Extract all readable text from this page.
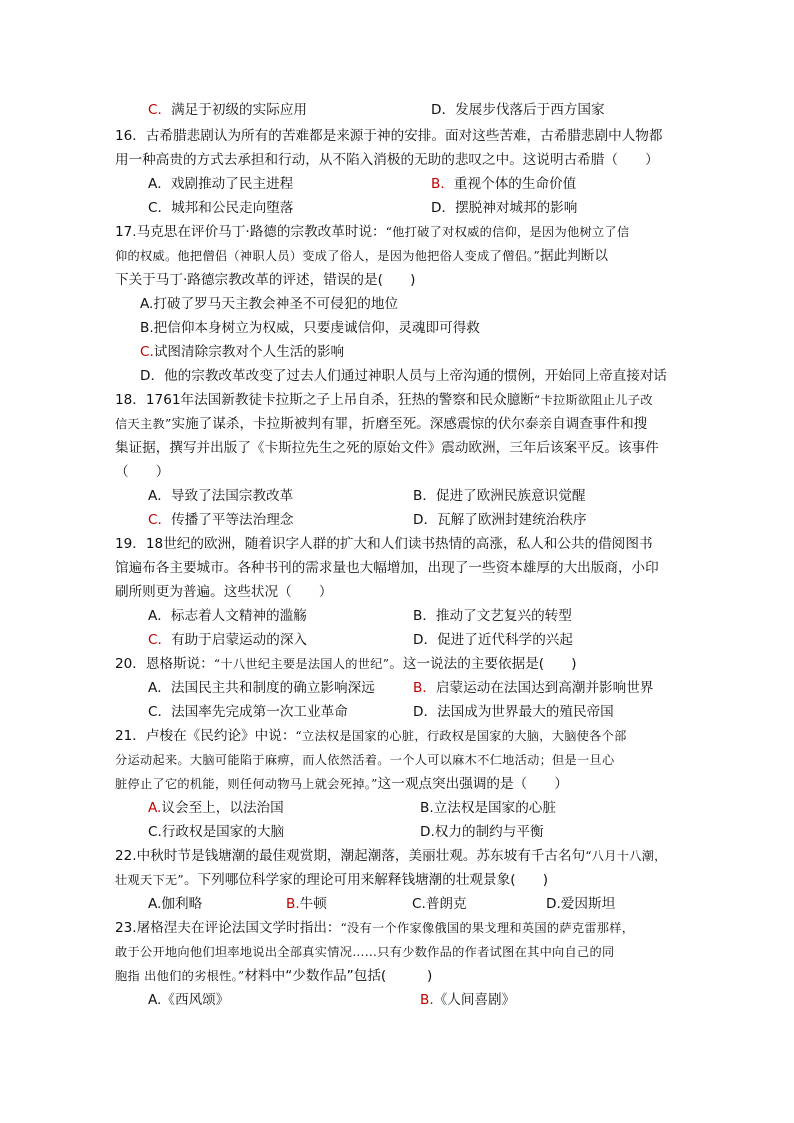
C．满足于初级的实际应用	D．发展步伐落后于西方国家
16．古希腊悲剧认为所有的苦难都是来源于神的安排。面对这些苦难，古希腊悲剧中人物都
用一种高贵的方式去承担和行动，从不陷入消极的无助的悲叹之中。这说明古希腊（　　）
A．戏剧推动了民主进程	B．重视个体的生命价值
C．城邦和公民走向堕落	D．摆脱神对城邦的影响
17.马克思在评价马丁·路德的宗教改革时说：“他打破了对权威的信仰，是因为他树立了信
仰的权威。他把僧侣（神职人员）变成了俗人，是因为他把俗人变成了僧侣。”据此判断以
下关于马丁·路德宗教改革的评述，错误的是(　　)
A.打破了罗马天主教会神圣不可侵犯的地位
B.把信仰本身树立为权威，只要虔诚信仰，灵魂即可得救
C.试图清除宗教对个人生活的影响
D．他的宗教改革改变了过去人们通过神职人员与上帝沟通的惯例，开始同上帝直接对话
18．1761年法国新教徒卡拉斯之子上吊自杀，狂热的警察和民众臆断“卡拉斯欲阻止儿子改
信天主教”实施了谋杀，卡拉斯被判有罪，折磨至死。深感震惊的伏尔泰亲自调查事件和搜
集证据，撰写并出版了《卡斯拉先生之死的原始文件》震动欧洲，三年后该案平反。该事件
（　　）
A．导致了法国宗教改革	B．促进了欧洲民族意识觉醒
C．传播了平等法治理念	D．瓦解了欧洲封建统治秩序
19．18世纪的欧洲，随着识字人群的扩大和人们读书热情的高涨，私人和公共的借阅图书
馆遍布各主要城市。各种书刊的需求量也大幅增加，出现了一些资本雄厚的大出版商，小印
刷所则更为普遍。这些状况（　　）
A．标志着人文精神的滥觞	B．推动了文艺复兴的转型
C．有助于启蒙运动的深入	D．促进了近代科学的兴起
20．恩格斯说：“十八世纪主要是法国人的世纪”。这一说法的主要依据是(　　)
A．法国民主共和制度的确立影响深远	B．启蒙运动在法国达到高潮并影响世界
C．法国率先完成第一次工业革命	D．法国成为世界最大的殖民帝国
21．卢梭在《民约论》中说：“立法权是国家的心脏，行政权是国家的大脑，大脑使各个部
分运动起来。大脑可能陷于麻痹，而人依然活着。一个人可以麻木不仁地活动；但是一旦心
脏停止了它的机能，则任何动物马上就会死掉。”这一观点突出强调的是（　　）
A.议会至上，以法治国	B.立法权是国家的心脏
C.行政权是国家的大脑	D.权力的制约与平衡
22.中秋时节是钱塘潮的最佳观赏期，潮起潮落，美丽壮观。苏东坡有千古名句“八月十八潮，
壮观天下无”。下列哪位科学家的理论可用来解释钱塘潮的壮观景象(　　)
A.伽利略	B.牛顿	C.普朗克	D.爱因斯坦
23.屠格涅夫在评论法国文学时指出：“没有一个作家像俄国的果戈理和英国的萨克雷那样，
敢于公开地向他们坦率地说出全部真实情况……只有少数作品的作者试图在其中向自己的同
胞指 出他们的劣根性。”材料中“少数作品”包括(　　　)
A.《西风颂》	B.《人间喜剧》
